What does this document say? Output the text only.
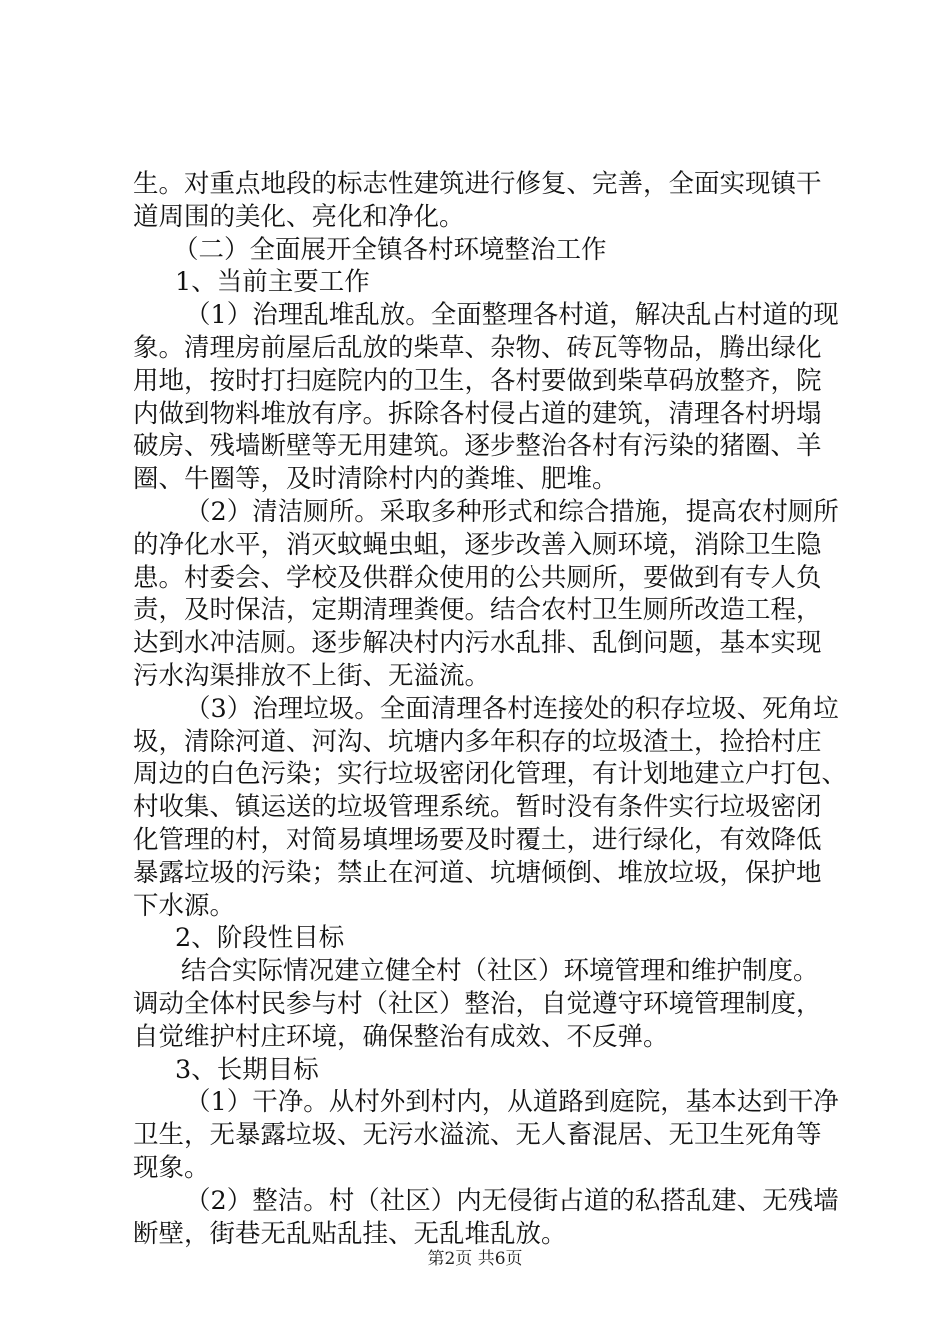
生。对重点地段的标志性建筑进行修复、完善，全面实现镇干
道周围的美化、亮化和净化。
（二）全面展开全镇各村环境整治工作
1、当前主要工作
（1）治理乱堆乱放。全面整理各村道，解决乱占村道的现
象。清理房前屋后乱放的柴草、杂物、砖瓦等物品，腾出绿化
用地，按时打扫庭院内的卫生，各村要做到柴草码放整齐，院
内做到物料堆放有序。拆除各村侵占道的建筑，清理各村坍塌
破房、残墙断壁等无用建筑。逐步整治各村有污染的猪圈、羊
圈、牛圈等，及时清除村内的粪堆、肥堆。
（2）清洁厕所。采取多种形式和综合措施，提高农村厕所
的净化水平，消灭蚊蝇虫蛆，逐步改善入厕环境，消除卫生隐
患。村委会、学校及供群众使用的公共厕所，要做到有专人负
责，及时保洁，定期清理粪便。结合农村卫生厕所改造工程，
达到水冲洁厕。逐步解决村内污水乱排、乱倒问题，基本实现
污水沟渠排放不上街、无溢流。
（3）治理垃圾。全面清理各村连接处的积存垃圾、死角垃
圾，清除河道、河沟、坑塘内多年积存的垃圾渣土，捡拾村庄
周边的白色污染；实行垃圾密闭化管理，有计划地建立户打包、
村收集、镇运送的垃圾管理系统。暂时没有条件实行垃圾密闭
化管理的村，对简易填埋场要及时覆土，进行绿化，有效降低
暴露垃圾的污染；禁止在河道、坑塘倾倒、堆放垃圾，保护地
下水源。
2、阶段性目标
结合实际情况建立健全村（社区）环境管理和维护制度。
调动全体村民参与村（社区）整治，自觉遵守环境管理制度，
自觉维护村庄环境，确保整治有成效、不反弹。
3、长期目标
（1）干净。从村外到村内，从道路到庭院，基本达到干净
卫生，无暴露垃圾、无污水溢流、无人畜混居、无卫生死角等
现象。
（2）整洁。村（社区）内无侵街占道的私搭乱建、无残墙
断壁，街巷无乱贴乱挂、无乱堆乱放。
第2页 共6页
